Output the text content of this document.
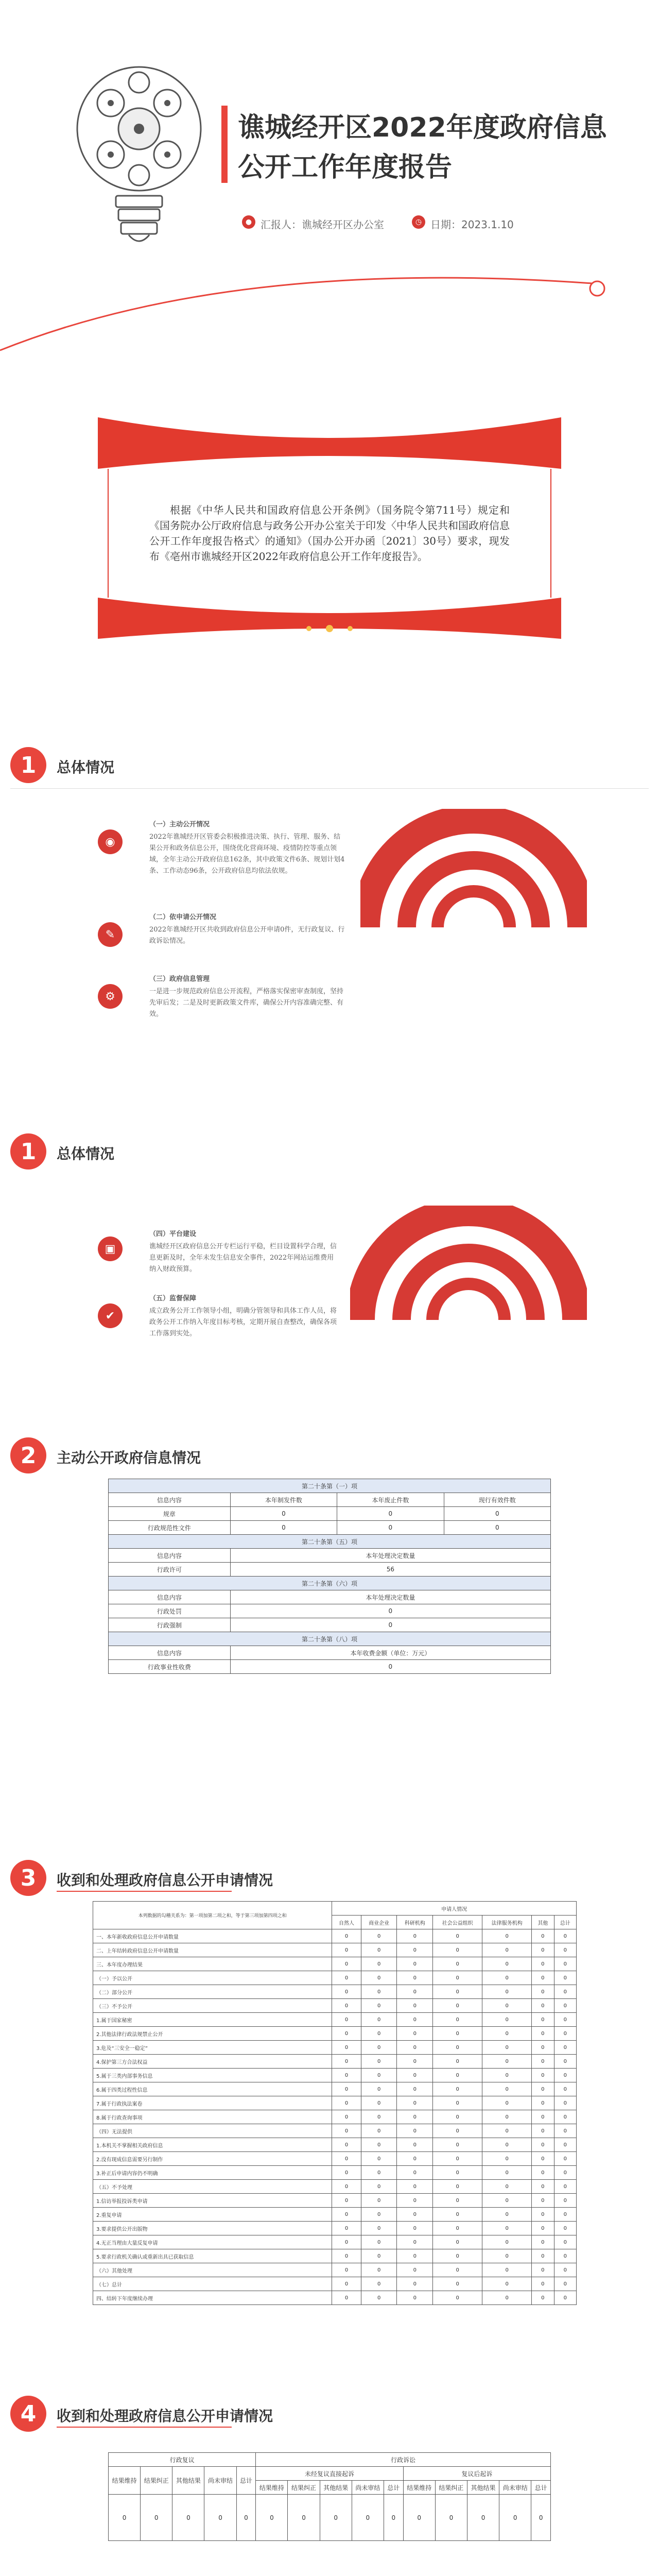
谯城经开区2022年度政府信息
公开工作年度报告
● 汇报人：谯城经开区办公室	◷ 日期：2023.1.10
根据《中华人民共和国政府信息公开条例》（国务院令第711号）规定和《国务院办公厅政府信息与政务公开办公室关于印发〈中华人民共和国政府信息公开工作年度报告格式〉的通知》（国办公开办函〔2021〕30号）要求，现发布《亳州市谯城经开区2022年政府信息公开工作年度报告》。
1	总体情况
◉
（一）主动公开情况
2022年谯城经开区管委会积极推进决策、执行、管理、服务、结果公开和政务信息公开，围绕优化营商环境、疫情防控等重点领域，全年主动公开政府信息162条，其中政策文件6条、规划计划4条、工作动态96条，公开政府信息均依法依规。
✎
（二）依申请公开情况
2022年谯城经开区共收到政府信息公开申请0件，无行政复议、行政诉讼情况。
⚙
（三）政府信息管理
一是进一步规范政府信息公开流程，严格落实保密审查制度，坚持先审后发；二是及时更新政策文件库，确保公开内容准确完整、有效。
1	总体情况
▣
（四）平台建设
谯城经开区政府信息公开专栏运行平稳，栏目设置科学合理，信息更新及时，全年未发生信息安全事件，2022年网站运维费用纳入财政预算。
✔
（五）监督保障
成立政务公开工作领导小组，明确分管领导和具体工作人员，将政务公开工作纳入年度目标考核，定期开展自查整改，确保各项工作落到实处。
2	主动公开政府信息情况
第二十条第（一）项			
信息内容	本年制发件数	本年废止件数	现行有效件数
规章	0	0	0
行政规范性文件	0	0	0
第二十条第（五）项			
信息内容	本年处理决定数量		
行政许可	56		
第二十条第（六）项			
信息内容	本年处理决定数量		
行政处罚	0		
行政强制	0		
第二十条第（八）项			
信息内容	本年收费金额（单位：万元）		
行政事业性收费	0		
3	收到和处理政府信息公开申请情况
本列数据的勾稽关系为：第一项加第二项之和，等于第三项加第四项之和	申请人情况						
	自然人	商业企业	科研机构	社会公益组织	法律服务机构	其他	总计
一、本年新收政府信息公开申请数量	0	0	0	0	0	0	0
二、上年结转政府信息公开申请数量	0	0	0	0	0	0	0
三、本年度办理结果	0	0	0	0	0	0	0
（一）予以公开	0	0	0	0	0	0	0
（二）部分公开	0	0	0	0	0	0	0
（三）不予公开	0	0	0	0	0	0	0
1.属于国家秘密	0	0	0	0	0	0	0
2.其他法律行政法规禁止公开	0	0	0	0	0	0	0
3.危及“三安全一稳定”	0	0	0	0	0	0	0
4.保护第三方合法权益	0	0	0	0	0	0	0
5.属于三类内部事务信息	0	0	0	0	0	0	0
6.属于四类过程性信息	0	0	0	0	0	0	0
7.属于行政执法案卷	0	0	0	0	0	0	0
8.属于行政查询事项	0	0	0	0	0	0	0
（四）无法提供	0	0	0	0	0	0	0
1.本机关不掌握相关政府信息	0	0	0	0	0	0	0
2.没有现成信息需要另行制作	0	0	0	0	0	0	0
3.补正后申请内容仍不明确	0	0	0	0	0	0	0
（五）不予处理	0	0	0	0	0	0	0
1.信访举报投诉类申请	0	0	0	0	0	0	0
2.重复申请	0	0	0	0	0	0	0
3.要求提供公开出版物	0	0	0	0	0	0	0
4.无正当理由大量反复申请	0	0	0	0	0	0	0
5.要求行政机关确认或重新出具已获取信息	0	0	0	0	0	0	0
（六）其他处理	0	0	0	0	0	0	0
（七）总计	0	0	0	0	0	0	0
四、结转下年度继续办理	0	0	0	0	0	0	0
4	收到和处理政府信息公开申请情况
行政复议					行政诉讼									
结果维持	结果纠正	其他结果	尚未审结	总计	未经复议直接起诉					复议后起诉				
					结果维持	结果纠正	其他结果	尚未审结	总计	结果维持	结果纠正	其他结果	尚未审结	总计
0	0	0	0	0	0	0	0	0	0	0	0	0	0	0
